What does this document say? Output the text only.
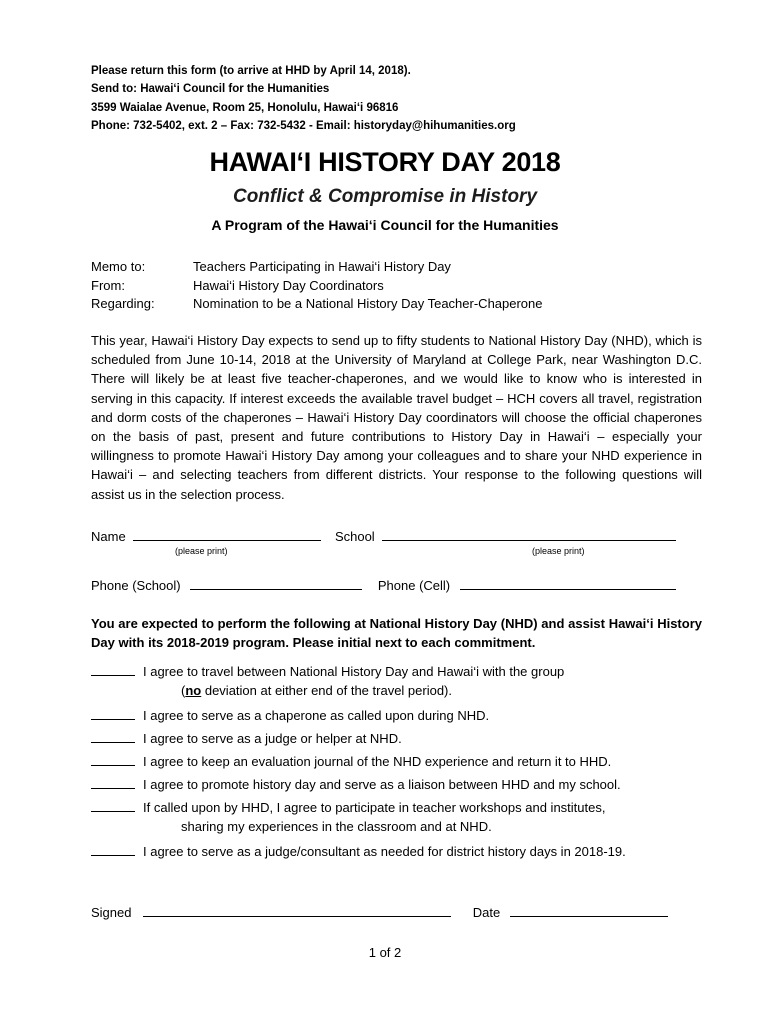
Please return this form (to arrive at HHD by April 14, 2018).
Send to: Hawai‘i Council for the Humanities
3599 Waialae Avenue, Room 25, Honolulu, Hawai‘i 96816
Phone: 732-5402, ext. 2 – Fax: 732-5432 - Email: historyday@hihumanities.org
HAWAI‘I HISTORY DAY 2018
Conflict & Compromise in History
A Program of the Hawai‘i Council for the Humanities
Memo to:	Teachers Participating in Hawai‘i History Day
From:	Hawai‘i History Day Coordinators
Regarding:	Nomination to be a National History Day Teacher-Chaperone
This year, Hawai‘i History Day expects to send up to fifty students to National History Day (NHD), which is scheduled from June 10-14, 2018 at the University of Maryland at College Park, near Washington D.C. There will likely be at least five teacher-chaperones, and we would like to know who is interested in serving in this capacity. If interest exceeds the available travel budget – HCH covers all travel, registration and dorm costs of the chaperones – Hawai‘i History Day coordinators will choose the official chaperones on the basis of past, present and future contributions to History Day in Hawai‘i – especially your willingness to promote Hawai‘i History Day among your colleagues and to share your NHD experience in Hawai‘i – and selecting teachers from different districts. Your response to the following questions will assist us in the selection process.
Name	School
(please print)	(please print)
Phone (School)	Phone (Cell)
You are expected to perform the following at National History Day (NHD) and assist Hawai‘i History Day with its 2018-2019 program. Please initial next to each commitment.
I agree to travel between National History Day and Hawai‘i with the group
(no deviation at either end of the travel period).
I agree to serve as a chaperone as called upon during NHD.
I agree to serve as a judge or helper at NHD.
I agree to keep an evaluation journal of the NHD experience and return it to HHD.
I agree to promote history day and serve as a liaison between HHD and my school.
If called upon by HHD, I agree to participate in teacher workshops and institutes,
sharing my experiences in the classroom and at NHD.
I agree to serve as a judge/consultant as needed for district history days in 2018-19.
Signed	Date
1 of 2
